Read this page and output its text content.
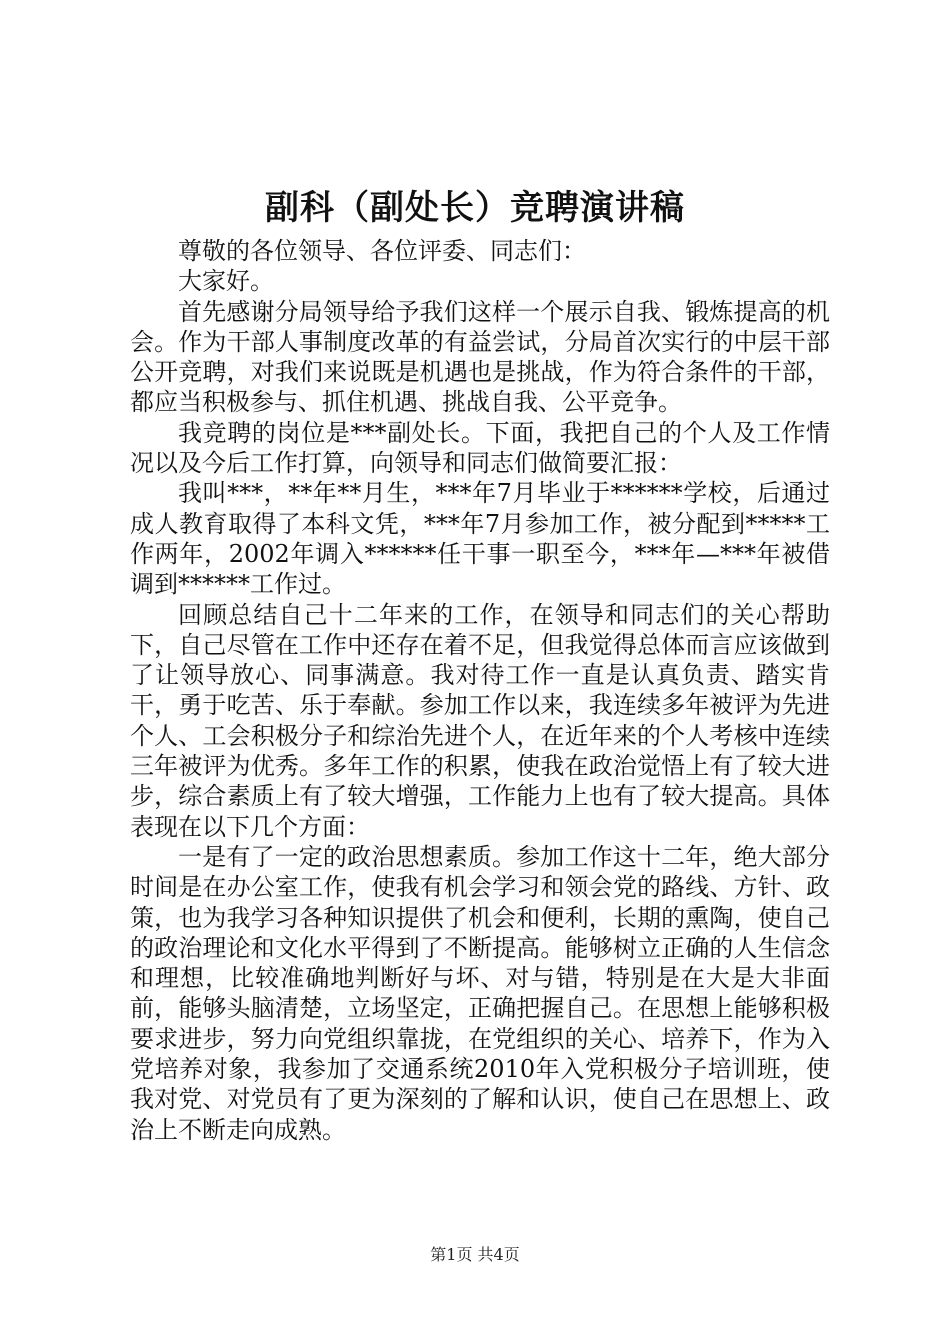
副科（副处长）竞聘演讲稿

尊敬的各位领导、各位评委、同志们：

大家好。

首先感谢分局领导给予我们这样一个展示自我、锻炼提高的机会。作为干部人事制度改革的有益尝试，分局首次实行的中层干部公开竞聘，对我们来说既是机遇也是挑战，作为符合条件的干部，都应当积极参与、抓住机遇、挑战自我、公平竞争。

我竞聘的岗位是***副处长。下面，我把自己的个人及工作情况以及今后工作打算，向领导和同志们做简要汇报：

我叫***，**年**月生，***年7月毕业于******学校，后通过成人教育取得了本科文凭，***年7月参加工作，被分配到*****工作两年，2002年调入******任干事一职至今，***年—***年被借调到******工作过。

回顾总结自己十二年来的工作，在领导和同志们的关心帮助下，自己尽管在工作中还存在着不足，但我觉得总体而言应该做到了让领导放心、同事满意。我对待工作一直是认真负责、踏实肯干，勇于吃苦、乐于奉献。参加工作以来，我连续多年被评为先进个人、工会积极分子和综治先进个人，在近年来的个人考核中连续三年被评为优秀。多年工作的积累，使我在政治觉悟上有了较大进步，综合素质上有了较大增强，工作能力上也有了较大提高。具体表现在以下几个方面：

一是有了一定的政治思想素质。参加工作这十二年，绝大部分时间是在办公室工作，使我有机会学习和领会党的路线、方针、政策，也为我学习各种知识提供了机会和便利，长期的熏陶，使自己的政治理论和文化水平得到了不断提高。能够树立正确的人生信念和理想，比较准确地判断好与坏、对与错，特别是在大是大非面前，能够头脑清楚，立场坚定，正确把握自己。在思想上能够积极要求进步，努力向党组织靠拢，在党组织的关心、培养下，作为入党培养对象，我参加了交通系统2010年入党积极分子培训班，使我对党、对党员有了更为深刻的了解和认识，使自己在思想上、政治上不断走向成熟。

第1页 共4页
